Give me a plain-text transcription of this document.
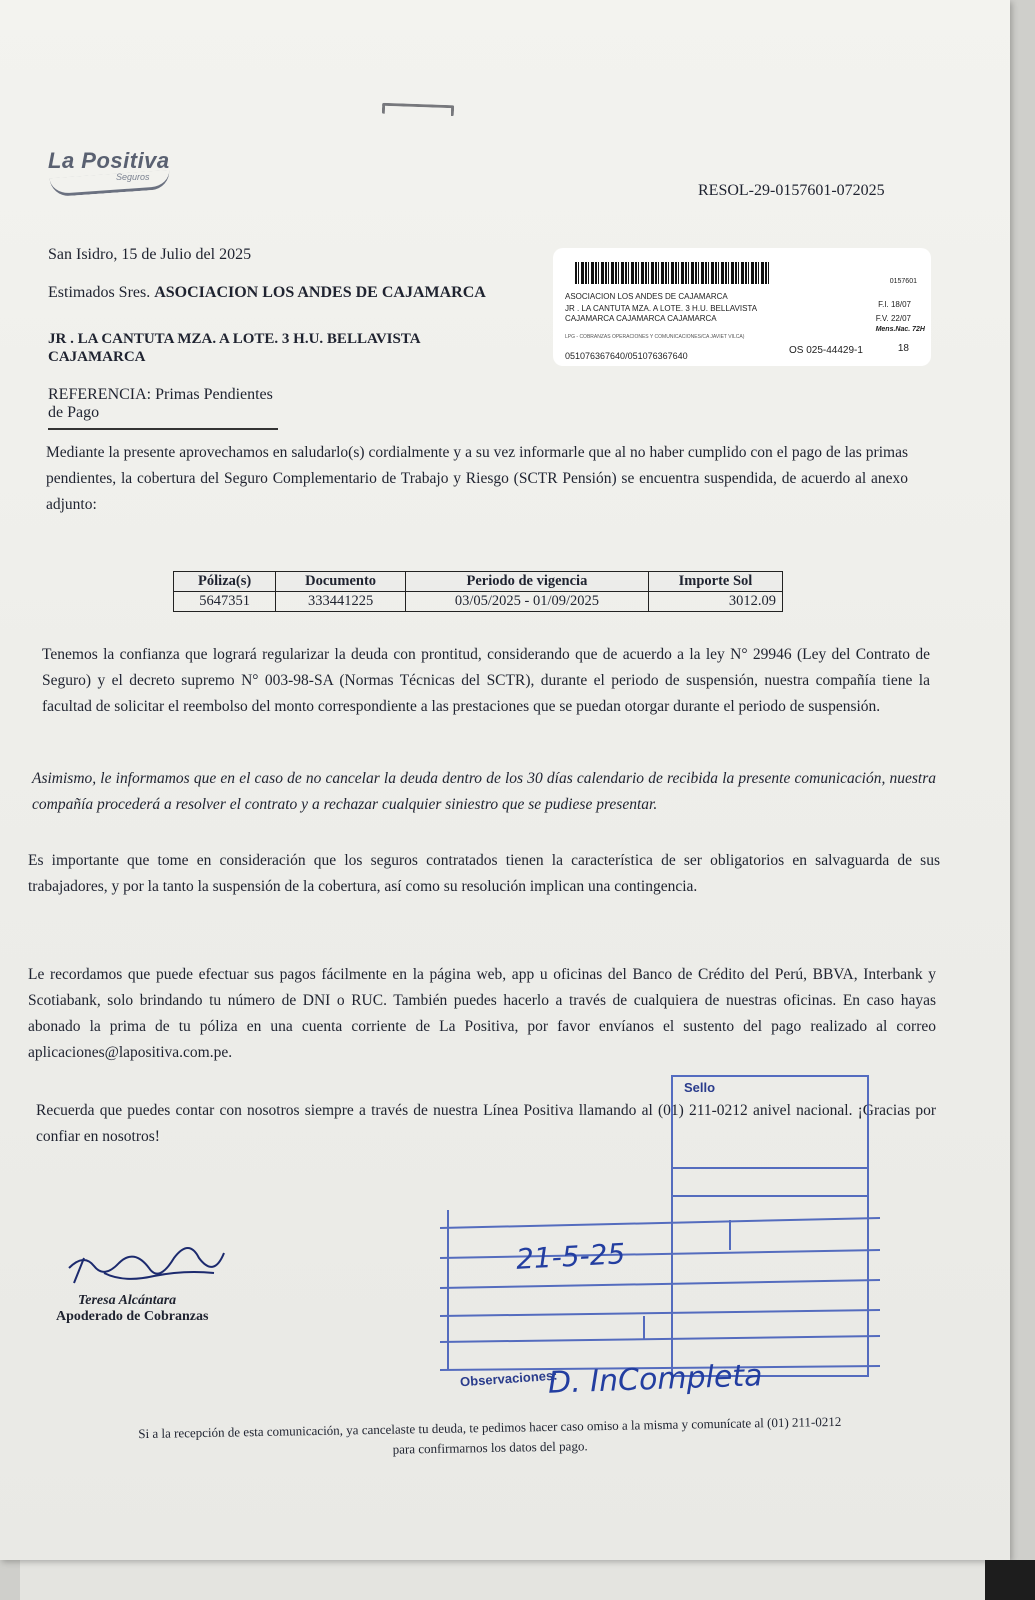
La Positiva
Seguros
RESOL-29-0157601-072025
San Isidro, 15 de Julio del 2025
Estimados Sres. ASOCIACION LOS ANDES DE CAJAMARCA
JR . LA CANTUTA MZA. A LOTE. 3 H.U. BELLAVISTA
CAJAMARCA
REFERENCIA: Primas Pendientes de Pago
0157601
ASOCIACION LOS ANDES DE CAJAMARCA
JR . LA CANTUTA MZA. A LOTE. 3 H.U. BELLAVISTA
CAJAMARCA CAJAMARCA CAJAMARCA
LPG - COBRANZAS OPERACIONES Y COMUNICACIONES/CA JAVIET VILCA)
051076367640/051076367640
F.I. 18/07
F.V. 22/07
Mens.Nac. 72H
OS 025-44429-1	18
Mediante la presente aprovechamos en saludarlo(s) cordialmente y a su vez informarle que al no haber cumplido con el pago de las primas pendientes, la cobertura del Seguro Complementario de Trabajo y Riesgo (SCTR Pensión) se encuentra suspendida, de acuerdo al anexo adjunto:
Póliza(s)	Documento	Periodo de vigencia	Importe Sol
5647351	333441225	03/05/2025 - 01/09/2025	3012.09
Tenemos la confianza que logrará regularizar la deuda con prontitud, considerando que de acuerdo a la ley N° 29946 (Ley del Contrato de Seguro) y el decreto supremo N° 003-98-SA (Normas Técnicas del SCTR), durante el periodo de suspensión, nuestra compañía tiene la facultad de solicitar el reembolso del monto correspondiente a las prestaciones que se puedan otorgar durante el periodo de suspensión.
Asimismo, le informamos que en el caso de no cancelar la deuda dentro de los 30 días calendario de recibida la presente comunicación, nuestra compañía procederá a resolver el contrato y a rechazar cualquier siniestro que se pudiese presentar.
Es importante que tome en consideración que los seguros contratados tienen la característica de ser obligatorios en salvaguarda de sus trabajadores, y por la tanto la suspensión de la cobertura, así como su resolución implican una contingencia.
Le recordamos que puede efectuar sus pagos fácilmente en la página web, app u oficinas del Banco de Crédito del Perú, BBVA, Interbank y Scotiabank, solo brindando tu número de DNI o RUC. También puedes hacerlo a través de cualquiera de nuestras oficinas. En caso hayas abonado la prima de tu póliza en una cuenta corriente de La Positiva, por favor envíanos el sustento del pago realizado al correo aplicaciones@lapositiva.com.pe.
Recuerda que puedes contar con nosotros siempre a través de nuestra Línea Positiva llamando al (01) 211-0212 anivel nacional. ¡Gracias por confiar en nosotros!
Teresa Alcántara
Apoderado de Cobranzas
Sello
Observaciones:
21-5-25
D. InCompleta
Si a la recepción de esta comunicación, ya cancelaste tu deuda, te pedimos hacer caso omiso a la misma y comunícate al (01) 211-0212 para confirmarnos los datos del pago.
